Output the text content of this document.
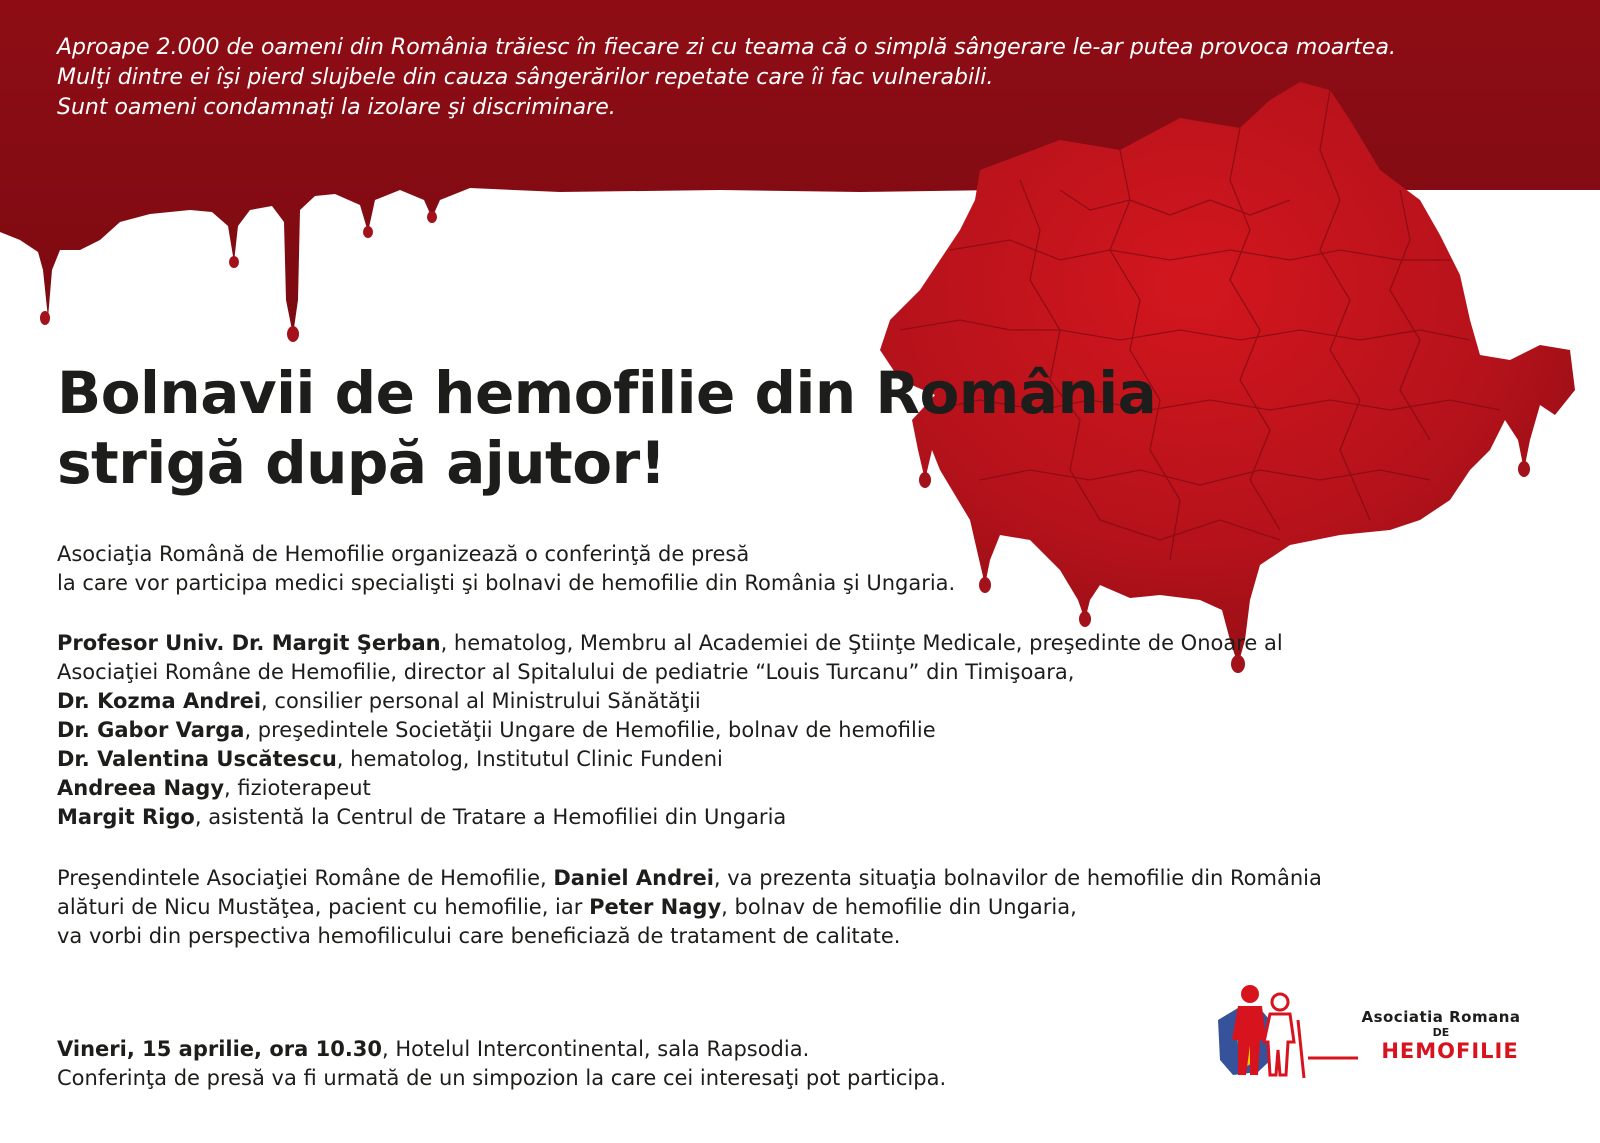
Aproape 2.000 de oameni din România trăiesc în fiecare zi cu teama că o simplă sângerare le-ar putea provoca moartea.
Mulţi dintre ei îşi pierd slujbele din cauza sângerărilor repetate care îi fac vulnerabili.
Sunt oameni condamnaţi la izolare şi discriminare.
Bolnavii de hemofilie din România
strigă după ajutor!
Asociaţia Română de Hemofilie organizează o conferinţă de presă
la care vor participa medici specialişti şi bolnavi de hemofilie din România şi Ungaria.
Profesor Univ. Dr. Margit Şerban, hematolog, Membru al Academiei de Ştiinţe Medicale, preşedinte de Onoare al
Asociaţiei Române de Hemofilie, director al Spitalului de pediatrie “Louis Turcanu” din Timişoara,
Dr. Kozma Andrei, consilier personal al Ministrului Sănătăţii
Dr. Gabor Varga, preşedintele Societăţii Ungare de Hemofilie, bolnav de hemofilie
Dr. Valentina Uscătescu, hematolog, Institutul Clinic Fundeni
Andreea Nagy, fizioterapeut
Margit Rigo, asistentă la Centrul de Tratare a Hemofiliei din Ungaria
Preşendintele Asociaţiei Române de Hemofilie, Daniel Andrei, va prezenta situaţia bolnavilor de hemofilie din România
alături de Nicu Mustăţea, pacient cu hemofilie, iar Peter Nagy, bolnav de hemofilie din Ungaria,
va vorbi din perspectiva hemofilicului care beneficiază de tratament de calitate.
Vineri, 15 aprilie, ora 10.30, Hotelul Intercontinental, sala Rapsodia.
Conferinţa de presă va fi urmată de un simpozion la care cei interesaţi pot participa.
Asociatia Romana
DE
HEMOFILIE
